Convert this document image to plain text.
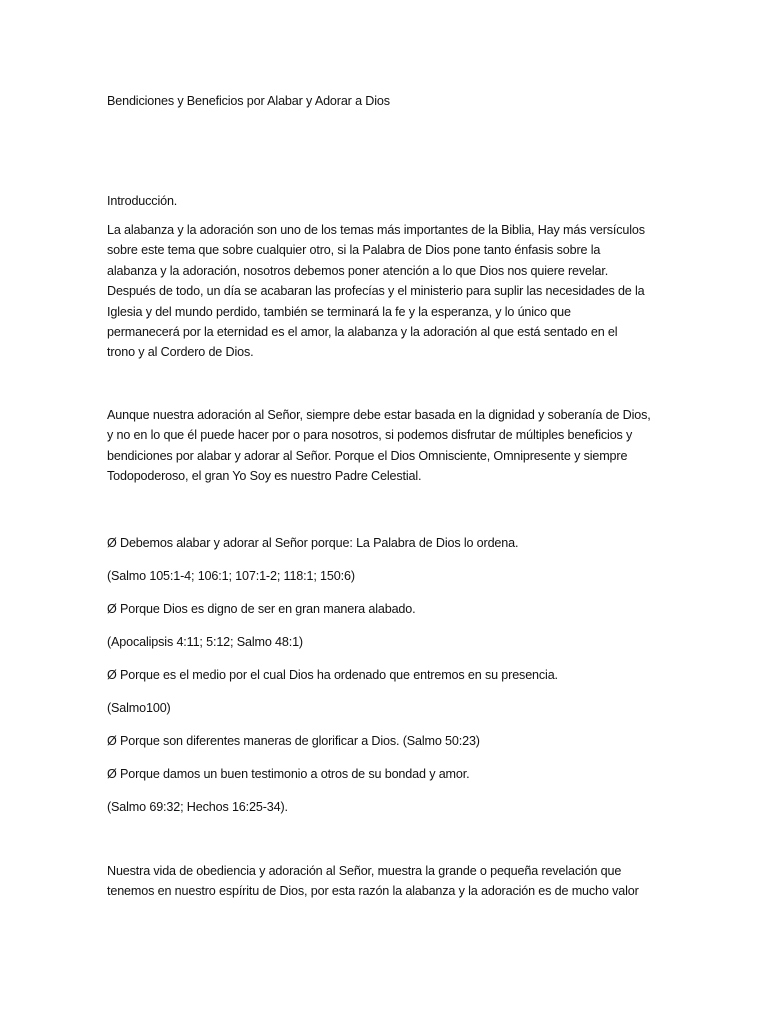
Bendiciones y Beneficios por Alabar y Adorar a Dios
Introducción.
La alabanza y la adoración son uno de los temas más importantes de la Biblia, Hay más versículos
sobre este tema que sobre cualquier otro, si la Palabra de Dios pone tanto énfasis sobre la
alabanza y la adoración, nosotros debemos poner atención a lo que Dios nos quiere revelar.
Después de todo, un día se acabaran las profecías y el ministerio para suplir las necesidades de la
Iglesia y del mundo perdido, también se terminará la fe y la esperanza, y lo único que
permanecerá por la eternidad es el amor, la alabanza y la adoración al que está sentado en el
trono y al Cordero de Dios.
Aunque nuestra adoración al Señor, siempre debe estar basada en la dignidad y soberanía de Dios,
y no en lo que él puede hacer por o para nosotros, si podemos disfrutar de múltiples beneficios y
bendiciones por alabar y adorar al Señor. Porque el Dios Omnisciente, Omnipresente y siempre
Todopoderoso, el gran Yo Soy es nuestro Padre Celestial.
Ø Debemos alabar y adorar al Señor porque: La Palabra de Dios lo ordena.
(Salmo 105:1-4; 106:1; 107:1-2; 118:1; 150:6)
Ø Porque Dios es digno de ser en gran manera alabado.
(Apocalipsis 4:11; 5:12; Salmo 48:1)
Ø Porque es el medio por el cual Dios ha ordenado que entremos en su presencia.
(Salmo100)
Ø Porque son diferentes maneras de glorificar a Dios. (Salmo 50:23)
Ø Porque damos un buen testimonio a otros de su bondad y amor.
(Salmo 69:32; Hechos 16:25-34).
Nuestra vida de obediencia y adoración al Señor, muestra la grande o pequeña revelación que
tenemos en nuestro espíritu de Dios, por esta razón la alabanza y la adoración es de mucho valor
